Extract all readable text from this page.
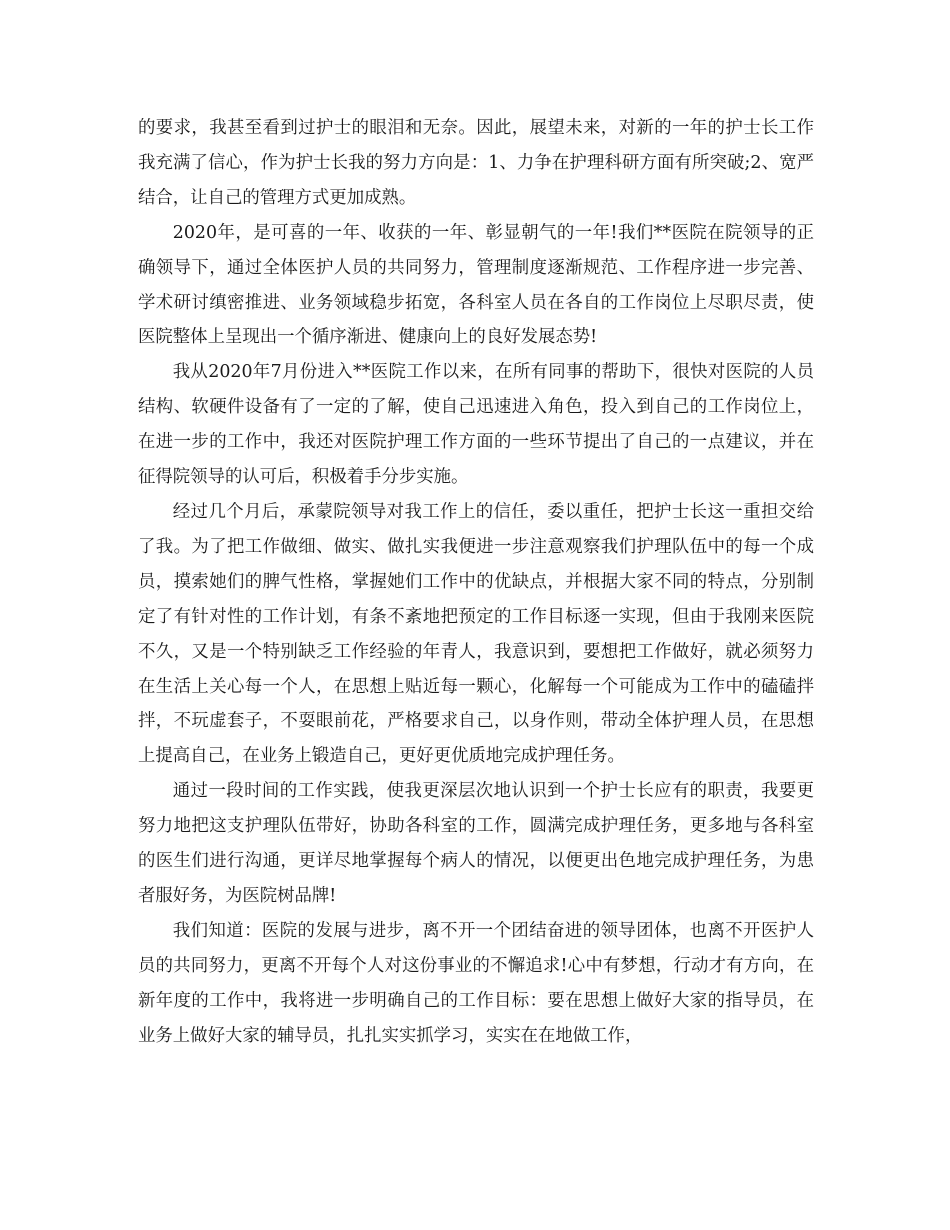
的要求，我甚至看到过护士的眼泪和无奈。因此，展望未来，对新的一年的护士长工作我充满了信心，作为护士长我的努力方向是：1、力争在护理科研方面有所突破;2、宽严结合，让自己的管理方式更加成熟。

2020年，是可喜的一年、收获的一年、彰显朝气的一年!我们**医院在院领导的正确领导下，通过全体医护人员的共同努力，管理制度逐渐规范、工作程序进一步完善、学术研讨缜密推进、业务领域稳步拓宽，各科室人员在各自的工作岗位上尽职尽责，使医院整体上呈现出一个循序渐进、健康向上的良好发展态势!

我从2020年7月份进入**医院工作以来，在所有同事的帮助下，很快对医院的人员结构、软硬件设备有了一定的了解，使自己迅速进入角色，投入到自己的工作岗位上，在进一步的工作中，我还对医院护理工作方面的一些环节提出了自己的一点建议，并在征得院领导的认可后，积极着手分步实施。

经过几个月后，承蒙院领导对我工作上的信任，委以重任，把护士长这一重担交给了我。为了把工作做细、做实、做扎实我便进一步注意观察我们护理队伍中的每一个成员，摸索她们的脾气性格，掌握她们工作中的优缺点，并根据大家不同的特点，分别制定了有针对性的工作计划，有条不紊地把预定的工作目标逐一实现，但由于我刚来医院不久，又是一个特别缺乏工作经验的年青人，我意识到，要想把工作做好，就必须努力在生活上关心每一个人，在思想上贴近每一颗心，化解每一个可能成为工作中的磕磕拌拌，不玩虚套子，不耍眼前花，严格要求自己，以身作则，带动全体护理人员，在思想上提高自己，在业务上锻造自己，更好更优质地完成护理任务。

通过一段时间的工作实践，使我更深层次地认识到一个护士长应有的职责，我要更努力地把这支护理队伍带好，协助各科室的工作，圆满完成护理任务，更多地与各科室的医生们进行沟通，更详尽地掌握每个病人的情况，以便更出色地完成护理任务，为患者服好务，为医院树品牌!

我们知道：医院的发展与进步，离不开一个团结奋进的领导团体，也离不开医护人员的共同努力，更离不开每个人对这份事业的不懈追求!心中有梦想，行动才有方向，在新年度的工作中，我将进一步明确自己的工作目标：要在思想上做好大家的指导员，在业务上做好大家的辅导员，扎扎实实抓学习，实实在在地做工作，
